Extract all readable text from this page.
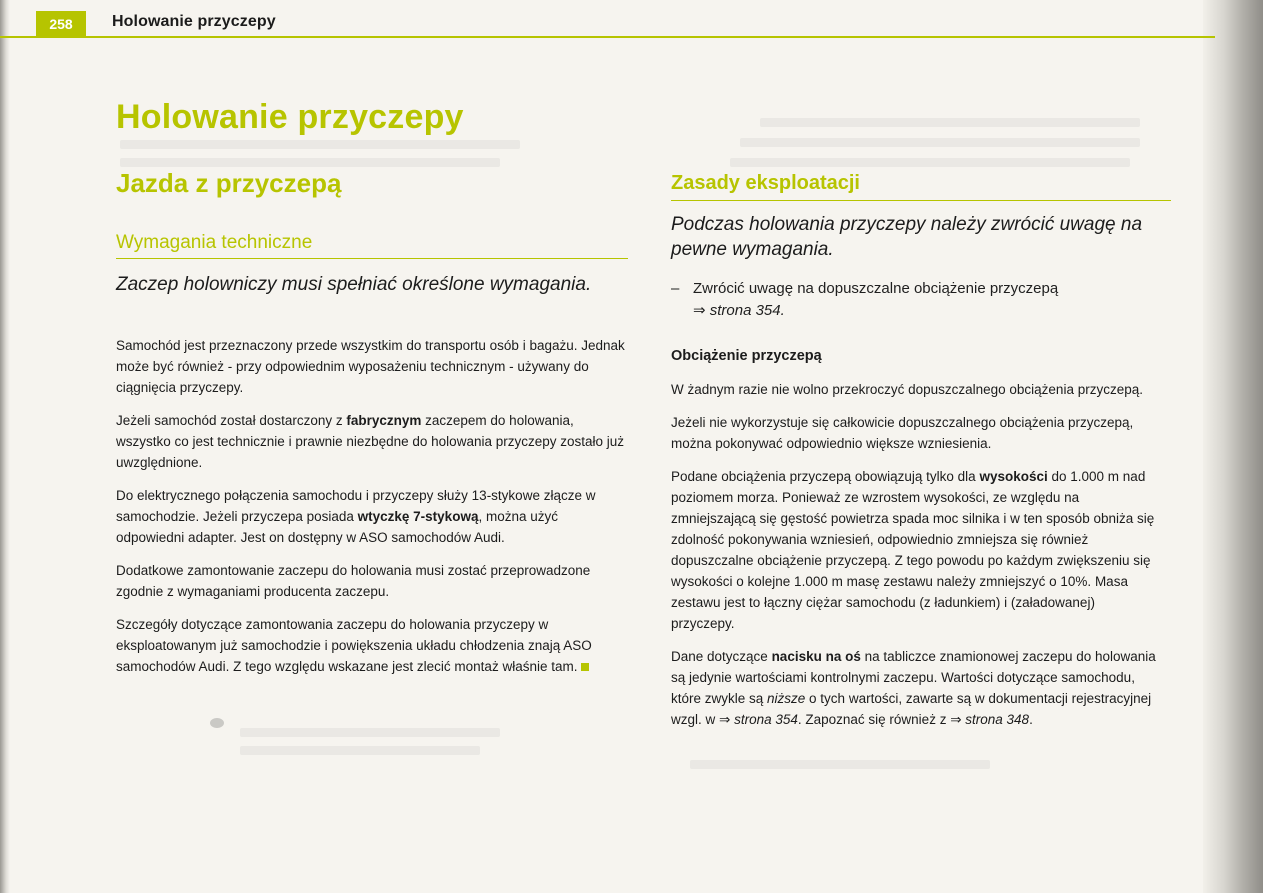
258	Holowanie przyczepy
Holowanie przyczepy
Jazda z przyczepą
Wymagania techniczne

Zaczep holowniczy musi spełniać określone wymagania.

Samochód jest przeznaczony przede wszystkim do transportu osób i bagażu. Jednak może być również - przy odpowiednim wyposażeniu technicznym - używany do ciągnięcia przyczepy.

Jeżeli samochód został dostarczony z fabrycznym zaczepem do holowania, wszystko co jest technicznie i prawnie niezbędne do holowania przyczepy zostało już uwzględnione.

Do elektrycznego połączenia samochodu i przyczepy służy 13-stykowe złącze w samochodzie. Jeżeli przyczepa posiada wtyczkę 7-stykową, można użyć odpowiedni adapter. Jest on dostępny w ASO samochodów Audi.

Dodatkowe zamontowanie zaczepu do holowania musi zostać przeprowadzone zgodnie z wymaganiami producenta zaczepu.

Szczegóły dotyczące zamontowania zaczepu do holowania przyczepy w eksploatowanym już samochodzie i powiększenia układu chłodzenia znają ASO samochodów Audi. Z tego względu wskazane jest zlecić montaż właśnie tam.

Zasady eksploatacji

Podczas holowania przyczepy należy zwrócić uwagę na pewne wymagania.

– Zwrócić uwagę na dopuszczalne obciążenie przyczepą
⇒ strona 354.

Obciążenie przyczepą

W żadnym razie nie wolno przekroczyć dopuszczalnego obciążenia przyczepą.

Jeżeli nie wykorzystuje się całkowicie dopuszczalnego obciążenia przyczepą, można pokonywać odpowiednio większe wzniesienia.

Podane obciążenia przyczepą obowiązują tylko dla wysokości do 1.000 m nad poziomem morza. Ponieważ ze wzrostem wysokości, ze względu na zmniejszającą się gęstość powietrza spada moc silnika i w ten sposób obniża się zdolność pokonywania wzniesień, odpowiednio zmniejsza się również dopuszczalne obciążenie przyczepą. Z tego powodu po każdym zwiększeniu się wysokości o kolejne 1.000 m masę zestawu należy zmniejszyć o 10%. Masa zestawu jest to łączny ciężar samochodu (z ładunkiem) i (załadowanej) przyczepy.

Dane dotyczące nacisku na oś na tabliczce znamionowej zaczepu do holowania są jedynie wartościami kontrolnymi zaczepu. Wartości dotyczące samochodu, które zwykle są niższe o tych wartości, zawarte są w dokumentacji rejestracyjnej wzgl. w ⇒ strona 354. Zapoznać się również z ⇒ strona 348.
